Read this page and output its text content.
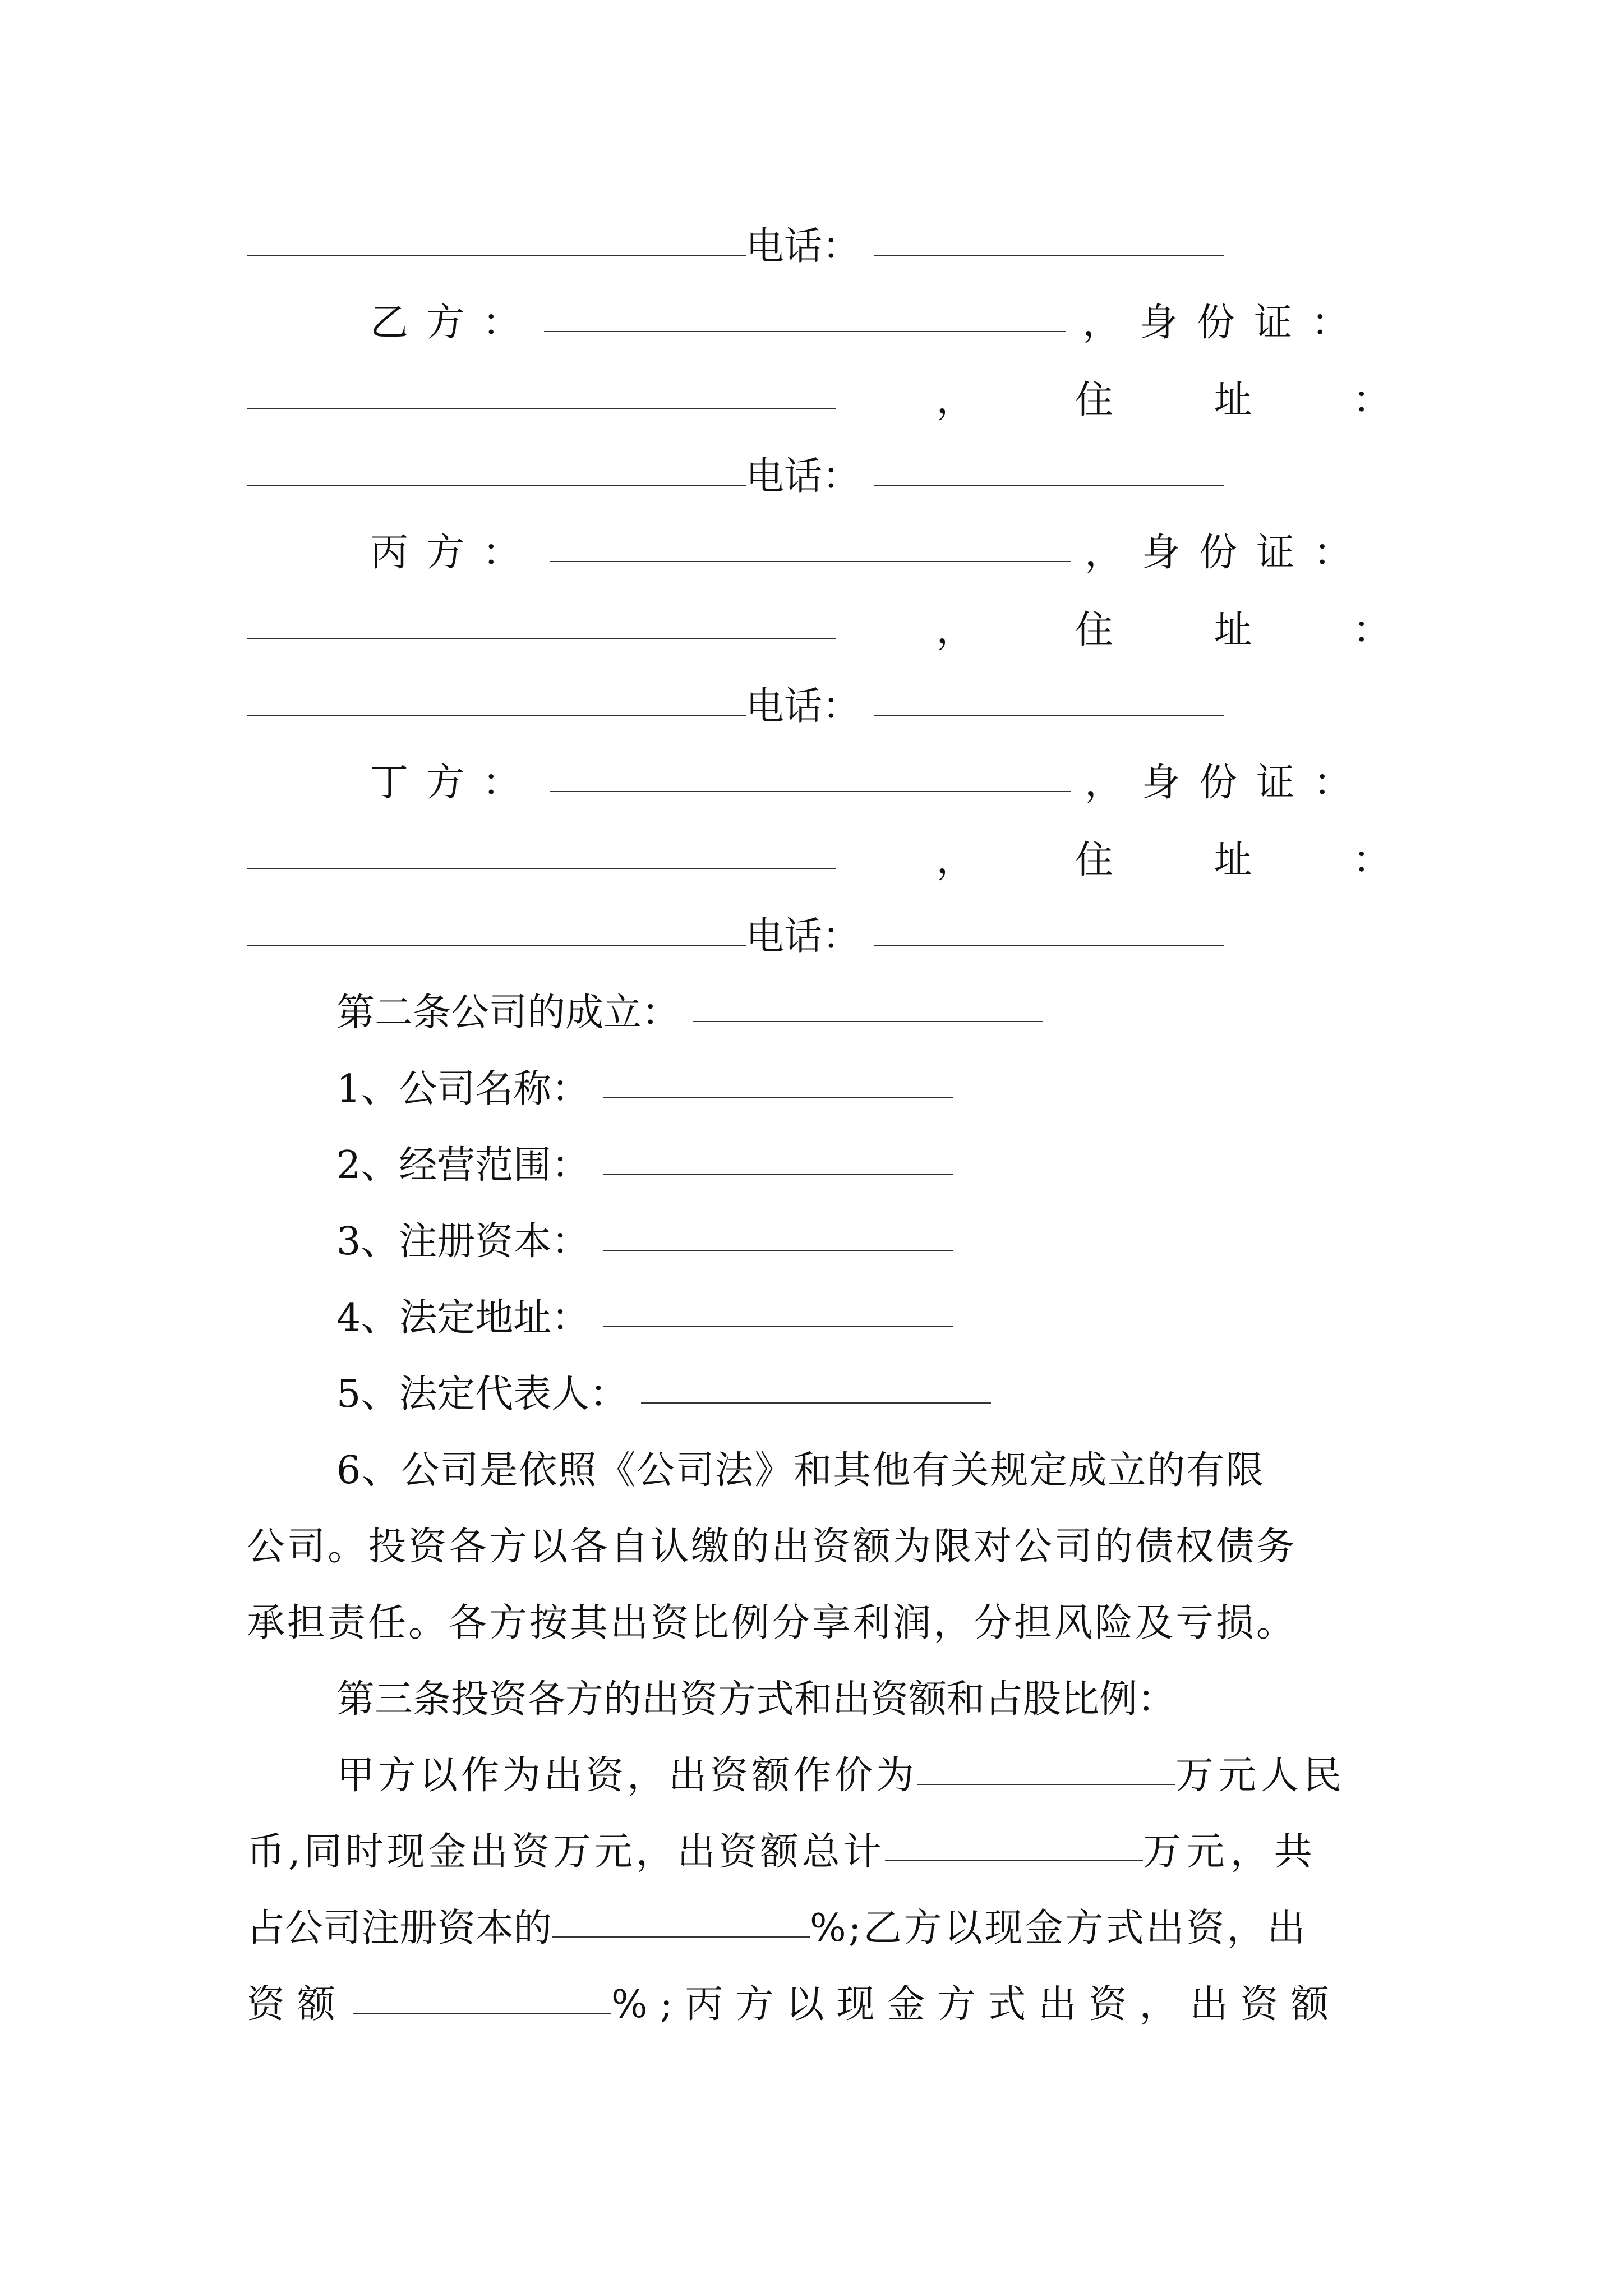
电话：
乙 方 ：	，身份证：
，	住	址	：
电话：
丙 方 ：	，身份证：
，	住	址	：
电话：
丁 方 ：	，身份证：
，	住	址	：
电话：
第二条公司的成立：
1、公司名称：
2、经营范围：
3、注册资本：
4、法定地址：
5、法定代表人：
6、公司是依照《公司法》和其他有关规定成立的有限
公司。投资各方以各自认缴的出资额为限对公司的债权债务
承担责任。各方按其出资比例分享利润，分担风险及亏损。
第三条投资各方的出资方式和出资额和占股比例：
甲方以作为出资，出资额作价为	万元人民
币,同时现金出资万元，出资额总计	万元，共
占公司注册资本的	%;乙方以现金方式出资，出
资额	%;丙方以现金方式出资，出资额
